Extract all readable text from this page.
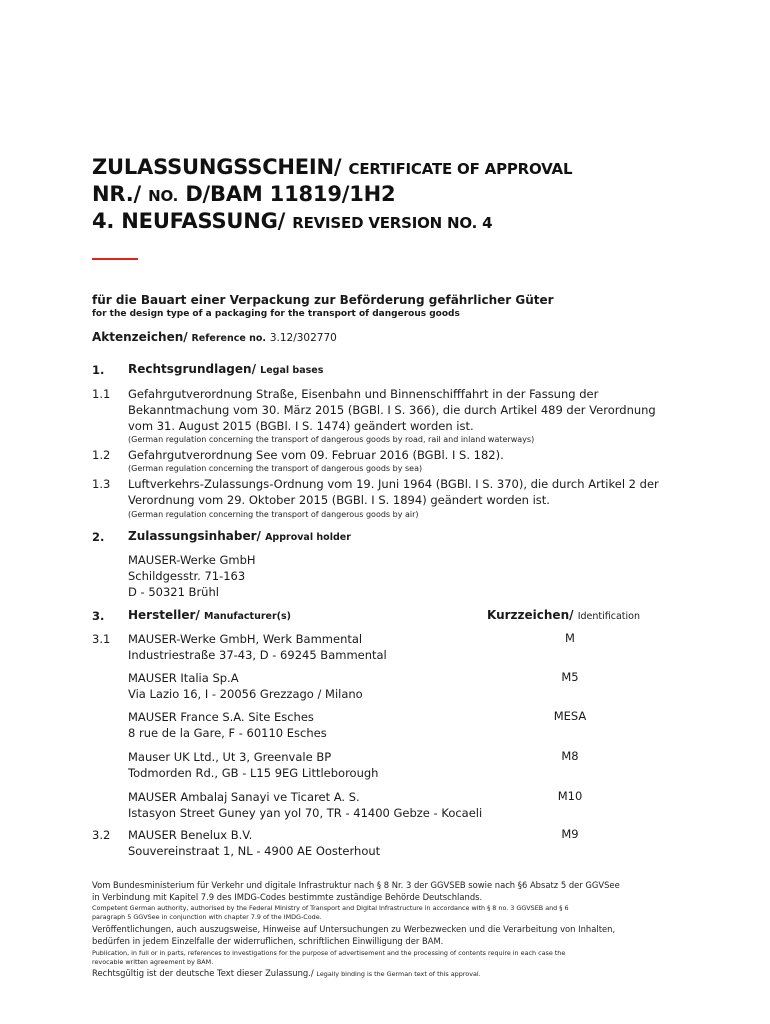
ZULASSUNGSSCHEIN/ CERTIFICATE OF APPROVAL
NR./ NO. D/BAM 11819/1H2
4. NEUFASSUNG/ REVISED VERSION NO. 4
für die Bauart einer Verpackung zur Beförderung gefährlicher Güter
for the design type of a packaging for the transport of dangerous goods
Aktenzeichen/ Reference no. 3.12/302770
1. Rechtsgrundlagen/ Legal bases
1.1 Gefahrgutverordnung Straße, Eisenbahn und Binnenschifffahrt in der Fassung der
Bekanntmachung vom 30. März 2015 (BGBl. I S. 366), die durch Artikel 489 der Verordnung
vom 31. August 2015 (BGBl. I S. 1474) geändert worden ist.
(German regulation concerning the transport of dangerous goods by road, rail and inland waterways)
1.2 Gefahrgutverordnung See vom 09. Februar 2016 (BGBl. I S. 182).
(German regulation concerning the transport of dangerous goods by sea)
1.3 Luftverkehrs-Zulassungs-Ordnung vom 19. Juni 1964 (BGBl. I S. 370), die durch Artikel 2 der
Verordnung vom 29. Oktober 2015 (BGBl. I S. 1894) geändert worden ist.
(German regulation concerning the transport of dangerous goods by air)
2. Zulassungsinhaber/ Approval holder
MAUSER-Werke GmbH
Schildgesstr. 71-163
D - 50321 Brühl
3. Hersteller/ Manufacturer(s)	Kurzzeichen/ Identification
3.1 MAUSER-Werke GmbH, Werk Bammental
Industriestraße 37-43, D - 69245 Bammental
M
MAUSER Italia Sp.A
Via Lazio 16, I - 20056 Grezzago / Milano
M5
MAUSER France S.A. Site Esches
8 rue de la Gare, F - 60110 Esches
MESA
Mauser UK Ltd., Ut 3, Greenvale BP
Todmorden Rd., GB - L15 9EG Littleborough
M8
MAUSER Ambalaj Sanayi ve Ticaret A. S.
Istasyon Street Guney yan yol 70, TR - 41400 Gebze - Kocaeli
M10
3.2 MAUSER Benelux B.V.
Souvereinstraat 1, NL - 4900 AE Oosterhout
M9
Vom Bundesministerium für Verkehr und digitale Infrastruktur nach § 8 Nr. 3 der GGVSEB sowie nach §6 Absatz 5 der GGVSee
in Verbindung mit Kapitel 7.9 des IMDG-Codes bestimmte zuständige Behörde Deutschlands.
Competent German authority, authorised by the Federal Ministry of Transport and Digital Infrastructure in accordance with § 8 no. 3 GGVSEB and § 6
paragraph 5 GGVSee in conjunction with chapter 7.9 of the IMDG-Code.
Veröffentlichungen, auch auszugsweise, Hinweise auf Untersuchungen zu Werbezwecken und die Verarbeitung von Inhalten,
bedürfen in jedem Einzelfalle der widerruflichen, schriftlichen Einwilligung der BAM.
Publication, in full or in parts, references to investigations for the purpose of advertisement and the processing of contents require in each case the
revocable written agreement by BAM.
Rechtsgültig ist der deutsche Text dieser Zulassung./ Legally binding is the German text of this approval.
